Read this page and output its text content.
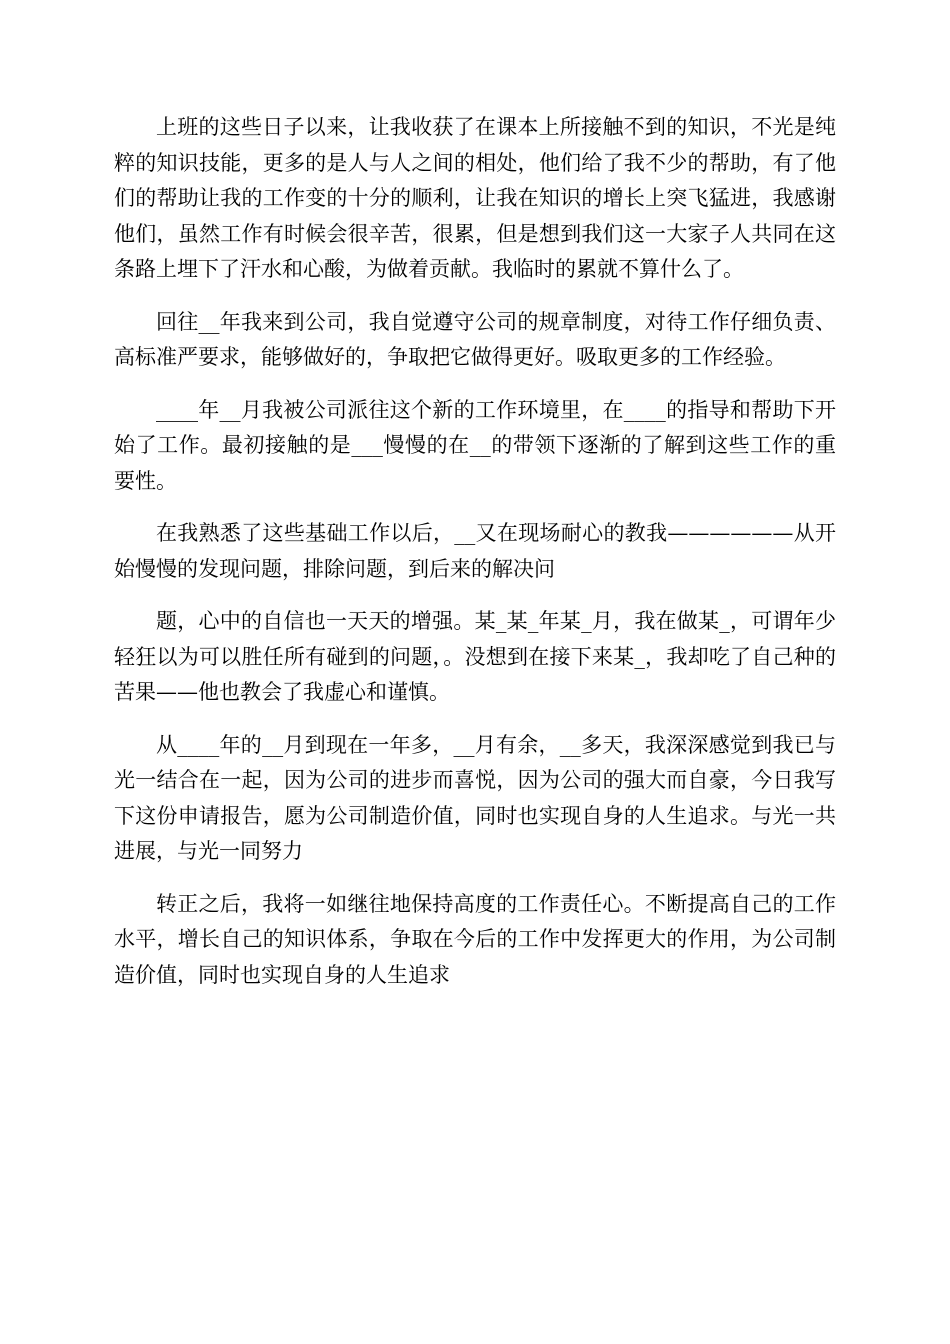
上班的这些日子以来，让我收获了在课本上所接触不到的知识，不光是纯粹的知识技能，更多的是人与人之间的相处，他们给了我不少的帮助，有了他们的帮助让我的工作变的十分的顺利，让我在知识的增长上突飞猛进，我感谢他们，虽然工作有时候会很辛苦，很累，但是想到我们这一大家子人共同在这条路上埋下了汗水和心酸，为做着贡献。我临时的累就不算什么了。

回往__年我来到公司，我自觉遵守公司的规章制度，对待工作仔细负责、高标准严要求，能够做好的，争取把它做得更好。吸取更多的工作经验。

____年__月我被公司派往这个新的工作环境里，在____的指导和帮助下开始了工作。最初接触的是___慢慢的在__的带领下逐渐的了解到这些工作的重要性。

在我熟悉了这些基础工作以后，__又在现场耐心的教我——————从开始慢慢的发现问题，排除问题，到后来的解决问

题，心中的自信也一天天的增强。某_某_年某_月，我在做某_，可谓年少轻狂以为可以胜任所有碰到的问题，。没想到在接下来某_，我却吃了自己种的苦果——他也教会了我虚心和谨慎。

从____年的__月到现在一年多，__月有余，__多天，我深深感觉到我已与光一结合在一起，因为公司的进步而喜悦，因为公司的强大而自豪，今日我写下这份申请报告，愿为公司制造价值，同时也实现自身的人生追求。与光一共进展，与光一同努力

转正之后，我将一如继往地保持高度的工作责任心。不断提高自己的工作水平，增长自己的知识体系，争取在今后的工作中发挥更大的作用，为公司制造价值，同时也实现自身的人生追求
